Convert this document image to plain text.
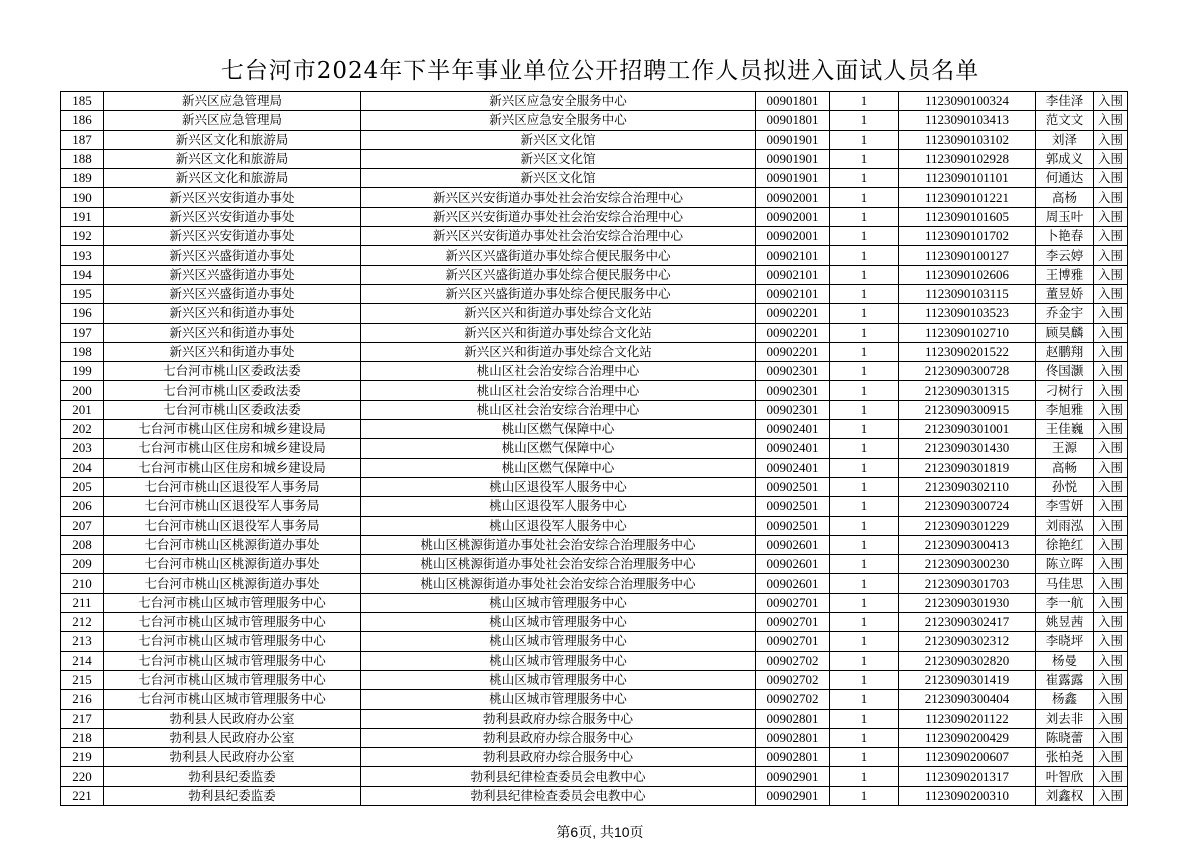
七台河市2024年下半年事业单位公开招聘工作人员拟进入面试人员名单
185	新兴区应急管理局	新兴区应急安全服务中心	00901801	1	1123090100324	李佳泽	入围
186	新兴区应急管理局	新兴区应急安全服务中心	00901801	1	1123090103413	范文文	入围
187	新兴区文化和旅游局	新兴区文化馆	00901901	1	1123090103102	刘泽	入围
188	新兴区文化和旅游局	新兴区文化馆	00901901	1	1123090102928	郭成义	入围
189	新兴区文化和旅游局	新兴区文化馆	00901901	1	1123090101101	何通达	入围
190	新兴区兴安街道办事处	新兴区兴安街道办事处社会治安综合治理中心	00902001	1	1123090101221	高杨	入围
191	新兴区兴安街道办事处	新兴区兴安街道办事处社会治安综合治理中心	00902001	1	1123090101605	周玉叶	入围
192	新兴区兴安街道办事处	新兴区兴安街道办事处社会治安综合治理中心	00902001	1	1123090101702	卜艳春	入围
193	新兴区兴盛街道办事处	新兴区兴盛街道办事处综合便民服务中心	00902101	1	1123090100127	李云婷	入围
194	新兴区兴盛街道办事处	新兴区兴盛街道办事处综合便民服务中心	00902101	1	1123090102606	王博雅	入围
195	新兴区兴盛街道办事处	新兴区兴盛街道办事处综合便民服务中心	00902101	1	1123090103115	董昱娇	入围
196	新兴区兴和街道办事处	新兴区兴和街道办事处综合文化站	00902201	1	1123090103523	乔金宇	入围
197	新兴区兴和街道办事处	新兴区兴和街道办事处综合文化站	00902201	1	1123090102710	顾昊麟	入围
198	新兴区兴和街道办事处	新兴区兴和街道办事处综合文化站	00902201	1	1123090201522	赵鹏翔	入围
199	七台河市桃山区委政法委	桃山区社会治安综合治理中心	00902301	1	2123090300728	佟国灏	入围
200	七台河市桃山区委政法委	桃山区社会治安综合治理中心	00902301	1	2123090301315	刁树行	入围
201	七台河市桃山区委政法委	桃山区社会治安综合治理中心	00902301	1	2123090300915	李旭雅	入围
202	七台河市桃山区住房和城乡建设局	桃山区燃气保障中心	00902401	1	2123090301001	王佳巍	入围
203	七台河市桃山区住房和城乡建设局	桃山区燃气保障中心	00902401	1	2123090301430	王源	入围
204	七台河市桃山区住房和城乡建设局	桃山区燃气保障中心	00902401	1	2123090301819	高畅	入围
205	七台河市桃山区退役军人事务局	桃山区退役军人服务中心	00902501	1	2123090302110	孙悦	入围
206	七台河市桃山区退役军人事务局	桃山区退役军人服务中心	00902501	1	2123090300724	李雪妍	入围
207	七台河市桃山区退役军人事务局	桃山区退役军人服务中心	00902501	1	2123090301229	刘雨泓	入围
208	七台河市桃山区桃源街道办事处	桃山区桃源街道办事处社会治安综合治理服务中心	00902601	1	2123090300413	徐艳红	入围
209	七台河市桃山区桃源街道办事处	桃山区桃源街道办事处社会治安综合治理服务中心	00902601	1	2123090300230	陈立晖	入围
210	七台河市桃山区桃源街道办事处	桃山区桃源街道办事处社会治安综合治理服务中心	00902601	1	2123090301703	马佳思	入围
211	七台河市桃山区城市管理服务中心	桃山区城市管理服务中心	00902701	1	2123090301930	李一航	入围
212	七台河市桃山区城市管理服务中心	桃山区城市管理服务中心	00902701	1	2123090302417	姚昱茜	入围
213	七台河市桃山区城市管理服务中心	桃山区城市管理服务中心	00902701	1	2123090302312	李晓坪	入围
214	七台河市桃山区城市管理服务中心	桃山区城市管理服务中心	00902702	1	2123090302820	杨曼	入围
215	七台河市桃山区城市管理服务中心	桃山区城市管理服务中心	00902702	1	2123090301419	崔露露	入围
216	七台河市桃山区城市管理服务中心	桃山区城市管理服务中心	00902702	1	2123090300404	杨鑫	入围
217	勃利县人民政府办公室	勃利县政府办综合服务中心	00902801	1	1123090201122	刘去非	入围
218	勃利县人民政府办公室	勃利县政府办综合服务中心	00902801	1	1123090200429	陈晓蕾	入围
219	勃利县人民政府办公室	勃利县政府办综合服务中心	00902801	1	1123090200607	张柏尧	入围
220	勃利县纪委监委	勃利县纪律检查委员会电教中心	00902901	1	1123090201317	叶智欣	入围
221	勃利县纪委监委	勃利县纪律检查委员会电教中心	00902901	1	1123090200310	刘鑫权	入围
第6页, 共10页
